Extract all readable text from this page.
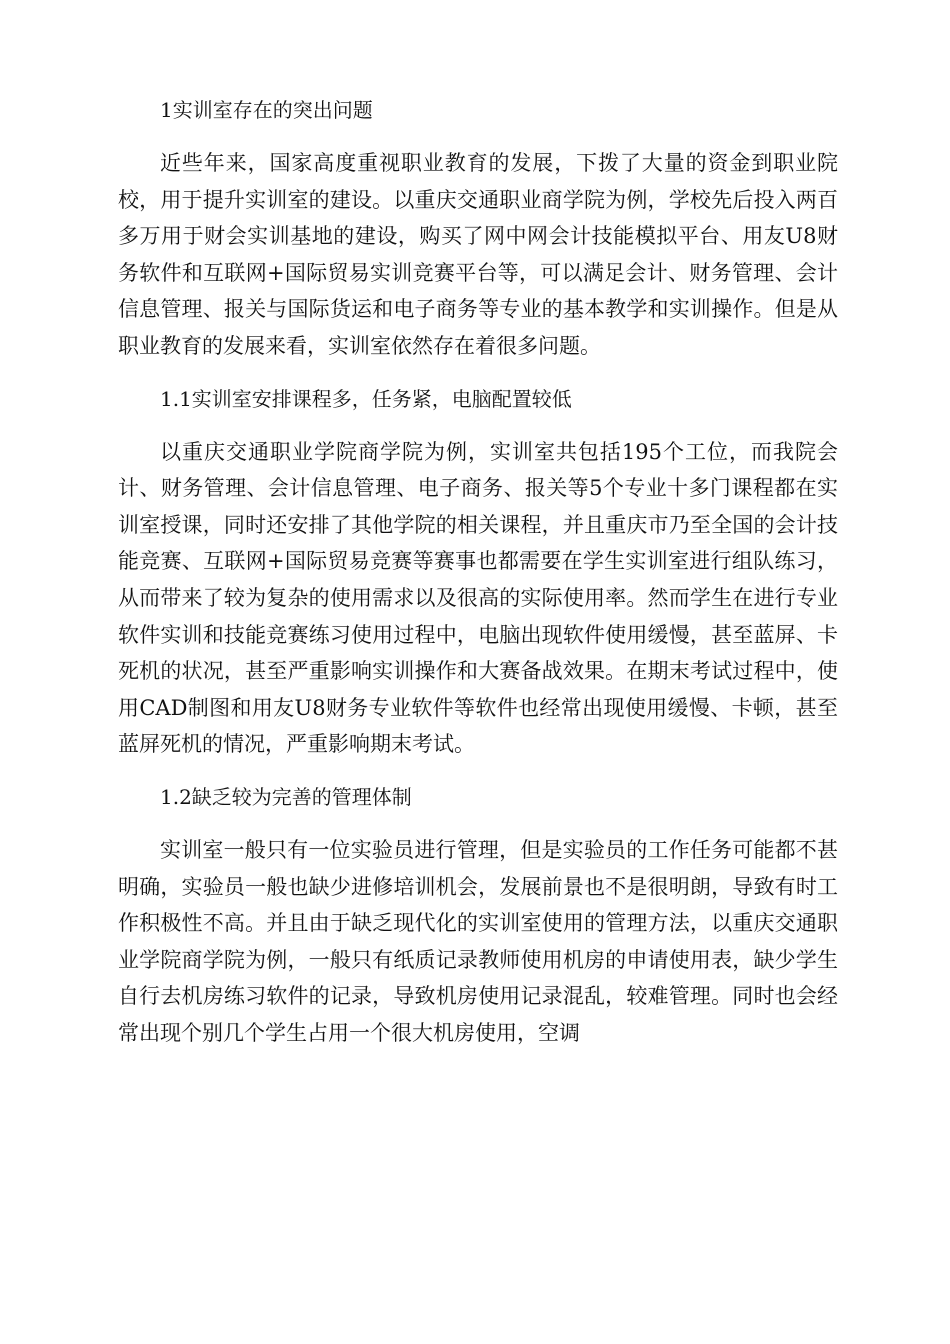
1实训室存在的突出问题

近些年来，国家高度重视职业教育的发展，下拨了大量的资金到职业院校，用于提升实训室的建设。以重庆交通职业商学院为例，学校先后投入两百多万用于财会实训基地的建设，购买了网中网会计技能模拟平台、用友U8财务软件和互联网+国际贸易实训竞赛平台等，可以满足会计、财务管理、会计信息管理、报关与国际货运和电子商务等专业的基本教学和实训操作。但是从职业教育的发展来看，实训室依然存在着很多问题。

1.1实训室安排课程多，任务紧，电脑配置较低

以重庆交通职业学院商学院为例，实训室共包括195个工位，而我院会计、财务管理、会计信息管理、电子商务、报关等5个专业十多门课程都在实训室授课，同时还安排了其他学院的相关课程，并且重庆市乃至全国的会计技能竞赛、互联网+国际贸易竞赛等赛事也都需要在学生实训室进行组队练习，从而带来了较为复杂的使用需求以及很高的实际使用率。然而学生在进行专业软件实训和技能竞赛练习使用过程中，电脑出现软件使用缓慢，甚至蓝屏、卡死机的状况，甚至严重影响实训操作和大赛备战效果。在期末考试过程中，使用CAD制图和用友U8财务专业软件等软件也经常出现使用缓慢、卡顿，甚至蓝屏死机的情况，严重影响期末考试。

1.2缺乏较为完善的管理体制

实训室一般只有一位实验员进行管理，但是实验员的工作任务可能都不甚明确，实验员一般也缺少进修培训机会，发展前景也不是很明朗，导致有时工作积极性不高。并且由于缺乏现代化的实训室使用的管理方法，以重庆交通职业学院商学院为例，一般只有纸质记录教师使用机房的申请使用表，缺少学生自行去机房练习软件的记录，导致机房使用记录混乱，较难管理。同时也会经常出现个别几个学生占用一个很大机房使用，空调
